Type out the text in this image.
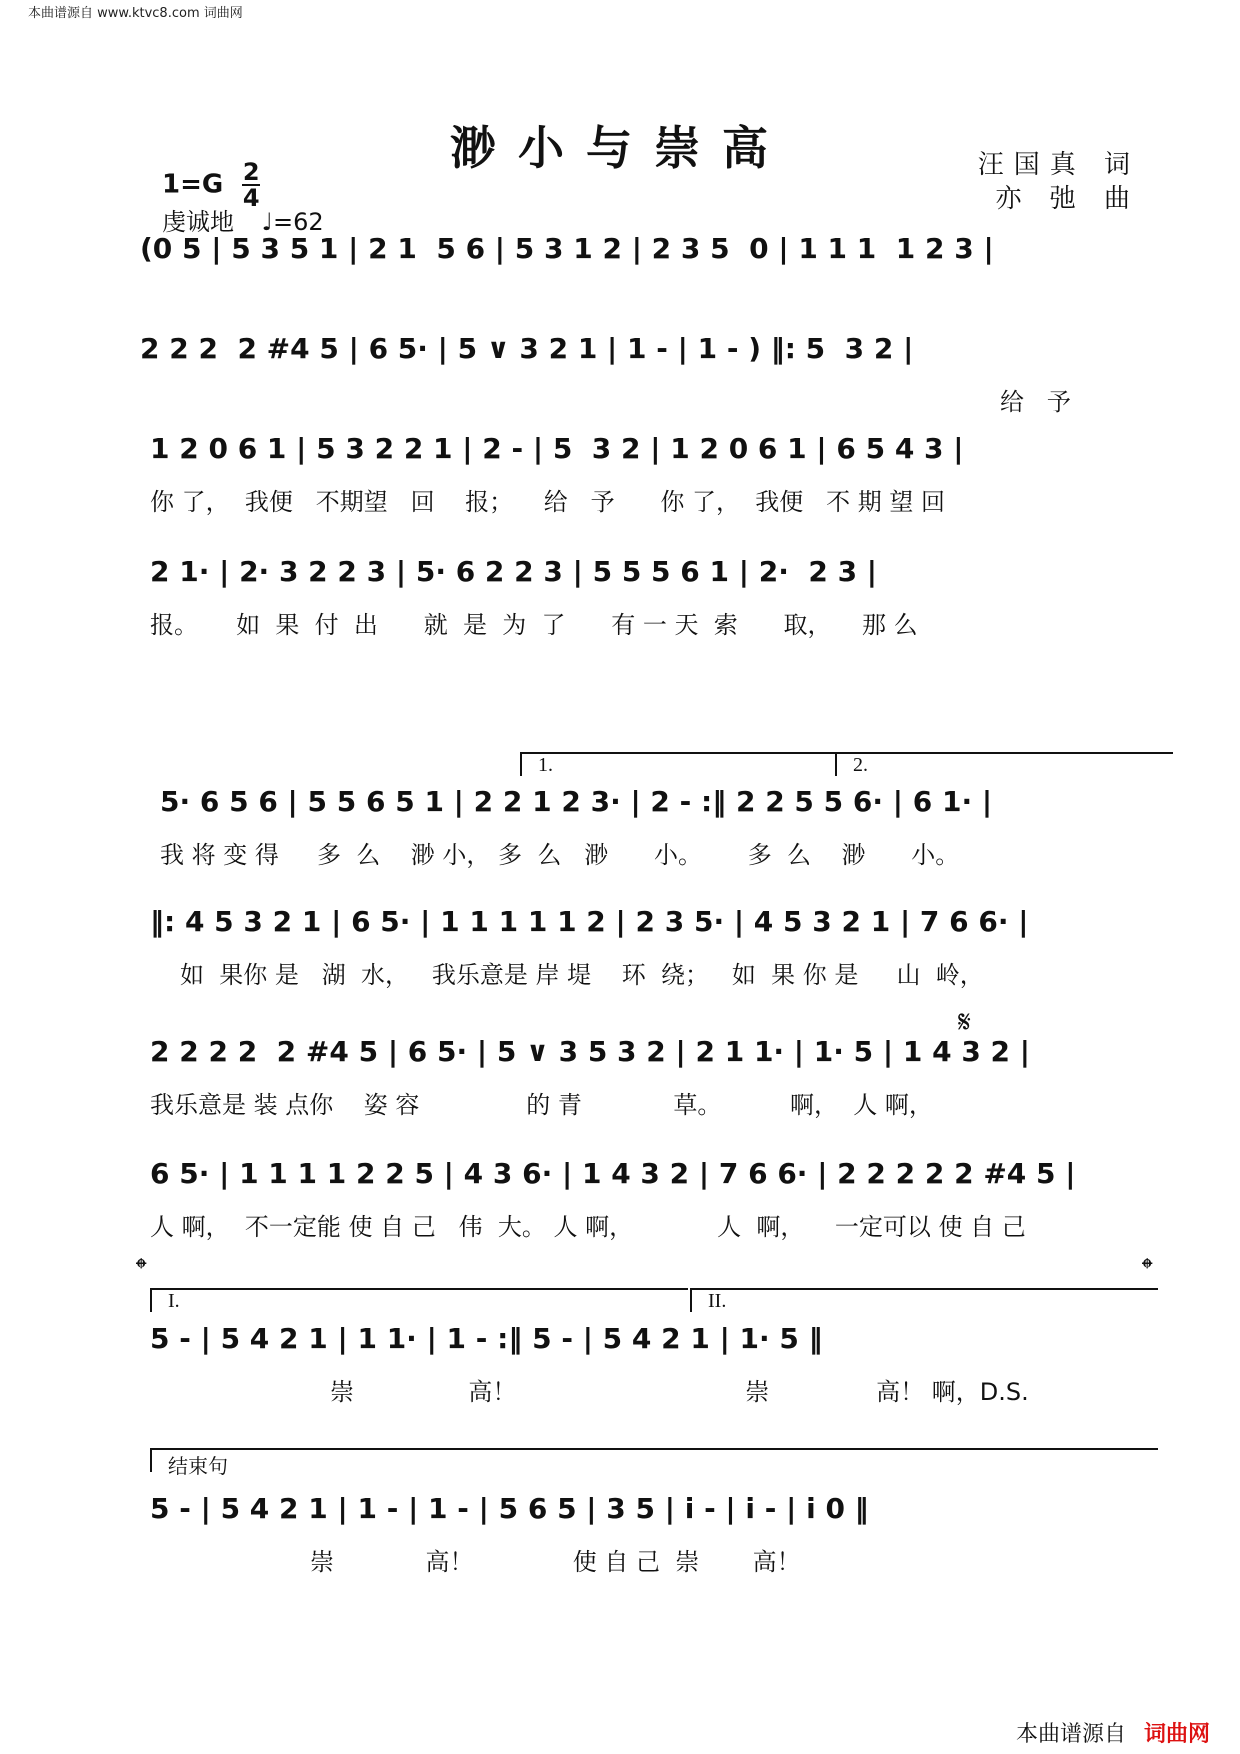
本曲谱源自 www.ktvc8.com 词曲网
渺小与崇高
$1=G \frac{2}{4}$
虔诚地 ♩=62
汪国真 词
亦 弛 曲

(0 5 | 5 3 5 1 | 2 1  5 6 | 5 3 1 2 | 2 3 5  0 | 1 1 1  1 2 3 |

2 2 2  2 #4 5 | 6 5· | 5 ∨ 3 2 1 | 1 - | 1 - ) ‖: 5  3 2 |

给   予

1 2 0 6 1 | 5 3 2 2 1 | 2 - | 5  3 2 | 1 2 0 6 1 | 6 5 4 3 |

你 了，  我便   不期望   回    报；    给   予      你 了，  我便   不 期 望 回

2 1· | 2· 3 2 2 3 | 5· 6 2 2 3 | 5 5 5 6 1 | 2·  2 3 |

报。     如  果  付  出      就  是  为  了      有 一 天  索      取，    那 么
1.	2.

5· 6 5 6 | 5 5 6 5 1 | 2 2 1 2 3· | 2 - :‖ 2 2 5 5 6· | 6 1· |

我 将 变 得     多  么    渺 小， 多  么   渺      小。      多  么    渺      小。

‖: 4 5 3 2 1 | 6 5· | 1 1 1 1 1 2 | 2 3 5· | 4 5 3 2 1 | 7 6 6· |

如  果你 是   湖  水，   我乐意是 岸 堤    环  绕；   如  果 你 是     山  岭，
𝄋

2 2 2 2  2 #4 5 | 6 5· | 5 ∨ 3 5 3 2 | 2 1 1· | 1· 5 | 1 4 3 2 |

我乐意是 装 点你    姿 容              的 青            草。         啊，  人 啊，

6 5· | 1 1 1 1 2 2 5 | 4 3 6· | 1 4 3 2 | 7 6 6· | 2 2 2 2 2 #4 5 |

人 啊，  不一定能 使 自 己   伟  大。 人 啊，           人  啊，    一定可以 使 自 己
𝄌	𝄌
I.	II.

5 - | 5 4 2 1 | 1 1· | 1 - :‖ 5 - | 5 4 2 1 | 1· 5 ‖

崇               高！                              崇              高！ 啊，D.S.
结束句

5 - | 5 4 2 1 | 1 - | 1 - | 5 6 5 | 3 5 | i - | i - | i 0 ‖

崇            高！             使 自 己  崇       高！
本曲谱源自 词曲网
